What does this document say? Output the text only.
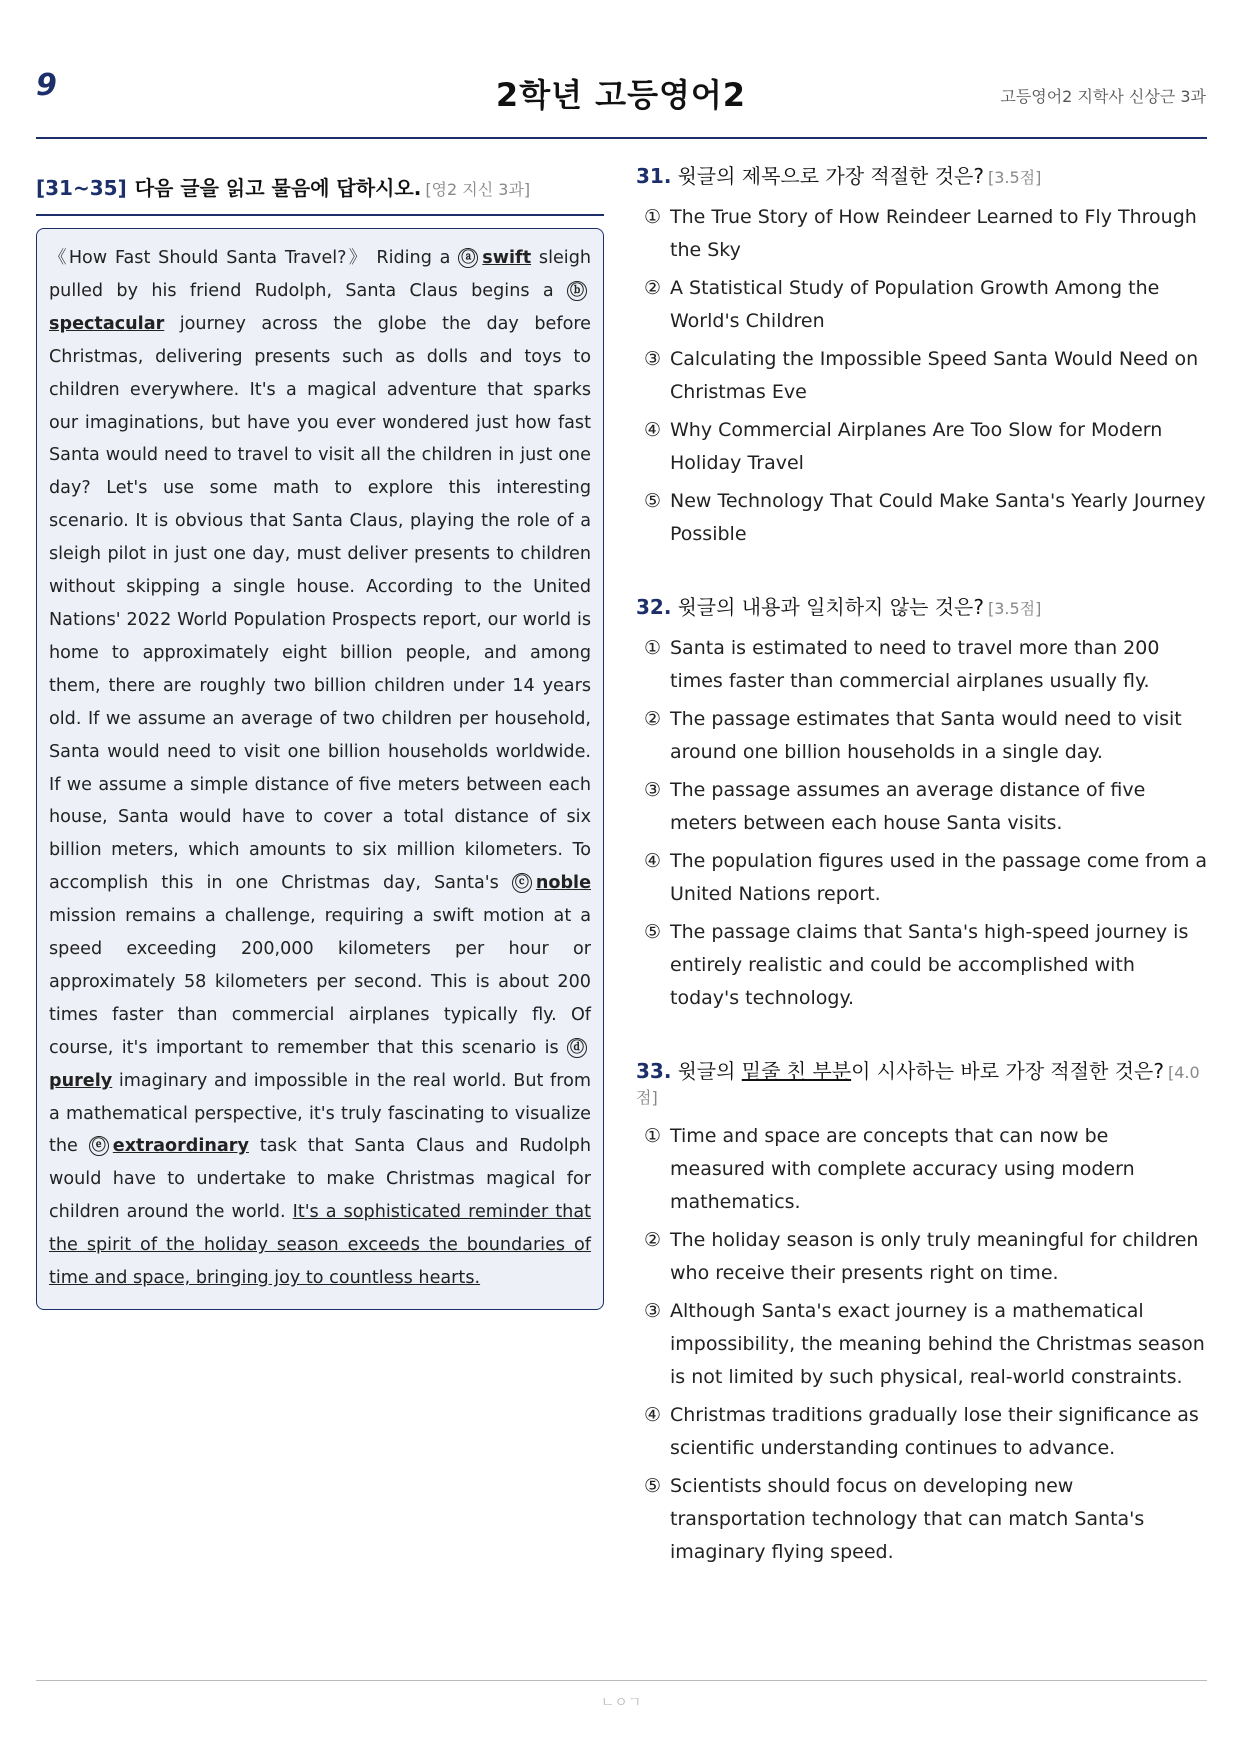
9	2학년 고등영어2	고등영어2 지학사 신상근 3과
[31~35] 다음 글을 읽고 물음에 답하시오. [영2 지신 3과]

《How Fast Should Santa Travel?》 Riding a ⓐ swift sleigh pulled by his friend Rudolph, Santa Claus begins a ⓑspectacular journey across the globe the day before Christmas, delivering presents such as dolls and toys to children everywhere. It's a magical adventure that sparks our imaginations, but have you ever wondered just how fast Santa would need to travel to visit all the children in just one day? Let's use some math to explore this interesting scenario. It is obvious that Santa Claus, playing the role of a sleigh pilot in just one day, must deliver presents to children without skipping a single house. According to the United Nations' 2022 World Population Prospects report, our world is home to approximately eight billion people, and among them, there are roughly two billion children under 14 years old. If we assume an average of two children per household, Santa would need to visit one billion households worldwide. If we assume a simple distance of five meters between each house, Santa would have to cover a total distance of six billion meters, which amounts to six million kilometers. To accomplish this in one Christmas day, Santa's ⓒ noble mission remains a challenge, requiring a swift motion at a speed exceeding 200,000 kilometers per hour or approximately 58 kilometers per second. This is about 200 times faster than commercial airplanes typically fly. Of course, it's important to remember that this scenario is ⓓpurely imaginary and impossible in the real world. But from a mathematical perspective, it's truly fascinating to visualize the ⓔ extraordinary task that Santa Claus and Rudolph would have to undertake to make Christmas magical for children around the world. It's a sophisticated reminder that the spirit of the holiday season exceeds the boundaries of time and space, bringing joy to countless hearts.

31. 윗글의 제목으로 가장 적절한 것은? [3.5점]
① The True Story of How Reindeer Learned to Fly Through the Sky
② A Statistical Study of Population Growth Among the World's Children
③ Calculating the Impossible Speed Santa Would Need on Christmas Eve
④ Why Commercial Airplanes Are Too Slow for Modern Holiday Travel
⑤ New Technology That Could Make Santa's Yearly Journey Possible
32. 윗글의 내용과 일치하지 않는 것은? [3.5점]
① Santa is estimated to need to travel more than 200 times faster than commercial airplanes usually fly.
② The passage estimates that Santa would need to visit around one billion households in a single day.
③ The passage assumes an average distance of five meters between each house Santa visits.
④ The population figures used in the passage come from a United Nations report.
⑤ The passage claims that Santa's high-speed journey is entirely realistic and could be accomplished with today's technology.
33. 윗글의 밑줄 친 부분이 시사하는 바로 가장 적절한 것은? [4.0점]
① Time and space are concepts that can now be measured with complete accuracy using modern mathematics.
② The holiday season is only truly meaningful for children who receive their presents right on time.
③ Although Santa's exact journey is a mathematical impossibility, the meaning behind the Christmas season is not limited by such physical, real-world constraints.
④ Christmas traditions gradually lose their significance as scientific understanding continues to advance.
⑤ Scientists should focus on developing new transportation technology that can match Santa's imaginary flying speed.
ㄴㅇㄱ
